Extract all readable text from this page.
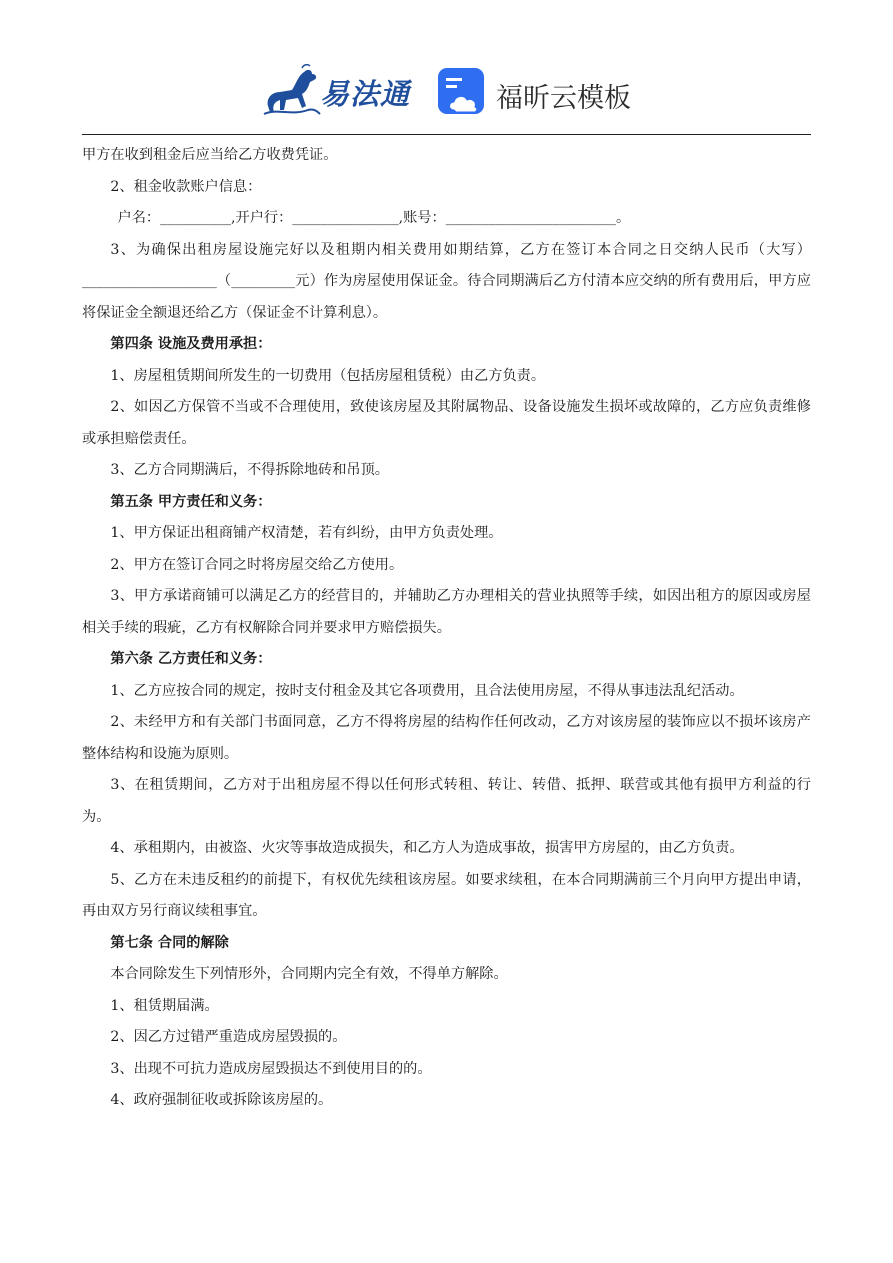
易法通	福昕云模板

甲方在收到租金后应当给乙方收费凭证。

2、租金收款账户信息：

户名：__________,开户行：_______________,账号：________________________。

3、为确保出租房屋设施完好以及租期内相关费用如期结算，乙方在签订本合同之日交纳人民币（大写）___________________（_________元）作为房屋使用保证金。待合同期满后乙方付清本应交纳的所有费用后，甲方应将保证金全额退还给乙方（保证金不计算利息）。

第四条 设施及费用承担：

1、房屋租赁期间所发生的一切费用（包括房屋租赁税）由乙方负责。

2、如因乙方保管不当或不合理使用，致使该房屋及其附属物品、设备设施发生损坏或故障的，乙方应负责维修或承担赔偿责任。

3、乙方合同期满后，不得拆除地砖和吊顶。

第五条 甲方责任和义务：

1、甲方保证出租商铺产权清楚，若有纠纷，由甲方负责处理。

2、甲方在签订合同之时将房屋交给乙方使用。

3、甲方承诺商铺可以满足乙方的经营目的，并辅助乙方办理相关的营业执照等手续，如因出租方的原因或房屋相关手续的瑕疵，乙方有权解除合同并要求甲方赔偿损失。

第六条 乙方责任和义务：

1、乙方应按合同的规定，按时支付租金及其它各项费用，且合法使用房屋，不得从事违法乱纪活动。

2、未经甲方和有关部门书面同意，乙方不得将房屋的结构作任何改动，乙方对该房屋的装饰应以不损坏该房产整体结构和设施为原则。

3、在租赁期间，乙方对于出租房屋不得以任何形式转租、转让、转借、抵押、联营或其他有损甲方利益的行为。

4、承租期内，由被盗、火灾等事故造成损失，和乙方人为造成事故，损害甲方房屋的，由乙方负责。

5、乙方在未违反租约的前提下，有权优先续租该房屋。如要求续租，在本合同期满前三个月向甲方提出申请，再由双方另行商议续租事宜。

第七条 合同的解除

本合同除发生下列情形外，合同期内完全有效，不得单方解除。

1、租赁期届满。

2、因乙方过错严重造成房屋毁损的。

3、出现不可抗力造成房屋毁损达不到使用目的的。

4、政府强制征收或拆除该房屋的。
